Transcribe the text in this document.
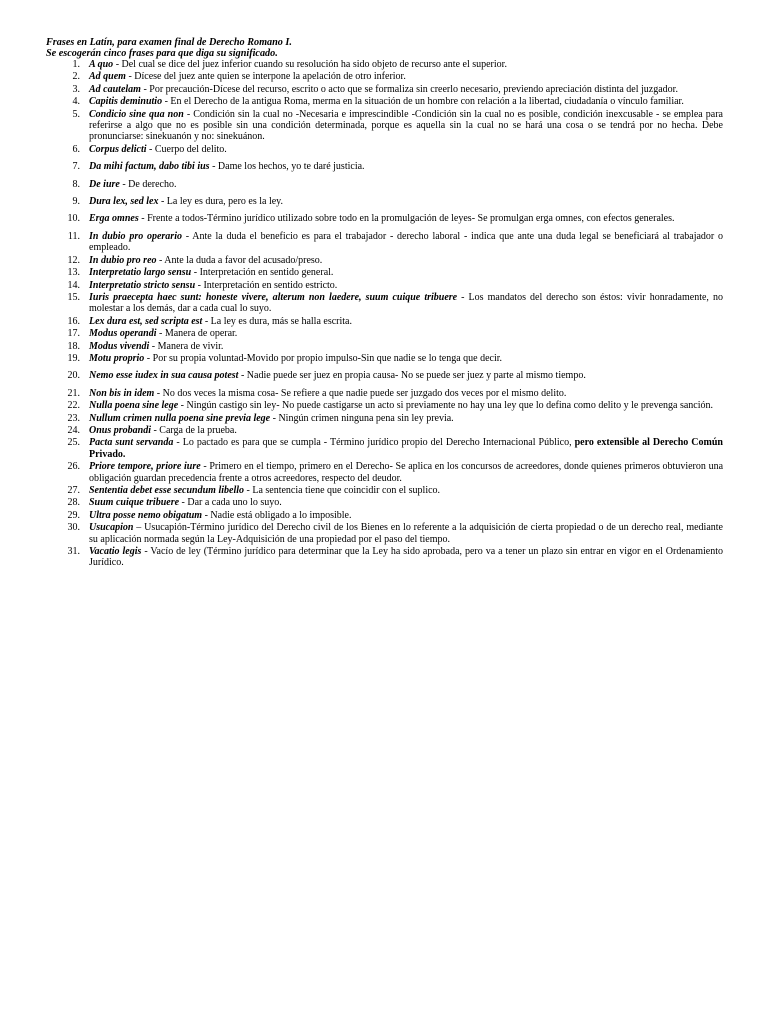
Frases en Latín, para examen final de Derecho Romano I.
Se escogerán cinco frases para que diga su significado.
1. A quo - Del cual se dice del juez inferior cuando su resolución ha sido objeto de recurso ante el superior.
2. Ad quem - Dícese del juez ante quien se interpone la apelación de otro inferior.
3. Ad cautelam - Por precaución-Dícese del recurso, escrito o acto que se formaliza sin creerlo necesario, previendo apreciación distinta del juzgador.
4. Capitis deminutio - En el Derecho de la antigua Roma, merma en la situación de un hombre con relación a la libertad, ciudadanía o vínculo familiar.
5. Condicio sine qua non - Condición sin la cual no -Necesaria e imprescindible -Condición sin la cual no es posible, condición inexcusable - se emplea para referirse a algo que no es posible sin una condición determinada, porque es aquella sin la cual no se hará una cosa o se tendrá por no hecha. Debe pronunciarse: sinekuanón y no: sinekuánon.
6. Corpus delicti - Cuerpo del delito.
7. Da mihi factum, dabo tibi ius - Dame los hechos, yo te daré justicia.
8. De iure - De derecho.
9. Dura lex, sed lex - La ley es dura, pero es la ley.
10. Erga omnes - Frente a todos-Término jurídico utilizado sobre todo en la promulgación de leyes- Se promulgan erga omnes, con efectos generales.
11. In dubio pro operario - Ante la duda el beneficio es para el trabajador - derecho laboral - indica que ante una duda legal se beneficiará al trabajador o empleado.
12. In dubio pro reo - Ante la duda a favor del acusado/preso.
13. Interpretatio largo sensu - Interpretación en sentido general.
14. Interpretatio stricto sensu - Interpretación en sentido estricto.
15. Iuris praecepta haec sunt: honeste vivere, alterum non laedere, suum cuique tribuere - Los mandatos del derecho son éstos: vivir honradamente, no molestar a los demás, dar a cada cual lo suyo.
16. Lex dura est, sed scripta est - La ley es dura, más se halla escrita.
17. Modus operandi - Manera de operar.
18. Modus vivendi - Manera de vivir.
19. Motu proprio - Por su propia voluntad-Movido por propio impulso-Sin que nadie se lo tenga que decir.
20. Nemo esse iudex in sua causa potest - Nadie puede ser juez en propia causa- No se puede ser juez y parte al mismo tiempo.
21. Non bis in idem - No dos veces la misma cosa- Se refiere a que nadie puede ser juzgado dos veces por el mismo delito.
22. Nulla poena sine lege - Ningún castigo sin ley- No puede castigarse un acto si previamente no hay una ley que lo defina como delito y le prevenga sanción.
23. Nullum crimen nulla poena sine previa lege - Ningún crimen ninguna pena sin ley previa.
24. Onus probandi - Carga de la prueba.
25. Pacta sunt servanda - Lo pactado es para que se cumpla - Término jurídico propio del Derecho Internacional Público, pero extensible al Derecho Común Privado.
26. Priore tempore, priore iure - Primero en el tiempo, primero en el Derecho- Se aplica en los concursos de acreedores, donde quienes primeros obtuvieron una obligación guardan precedencia frente a otros acreedores, respecto del deudor.
27. Sententia debet esse secundum libello - La sentencia tiene que coincidir con el suplico.
28. Suum cuique tribuere - Dar a cada uno lo suyo.
29. Ultra posse nemo obigatum - Nadie está obligado a lo imposible.
30. Usucapion – Usucapión-Término jurídico del Derecho civil de los Bienes en lo referente a la adquisición de cierta propiedad o de un derecho real, mediante su aplicación normada según la Ley-Adquisición de una propiedad por el paso del tiempo.
31. Vacatio legis - Vacío de ley (Término jurídico para determinar que la Ley ha sido aprobada, pero va a tener un plazo sin entrar en vigor en el Ordenamiento Jurídico.
